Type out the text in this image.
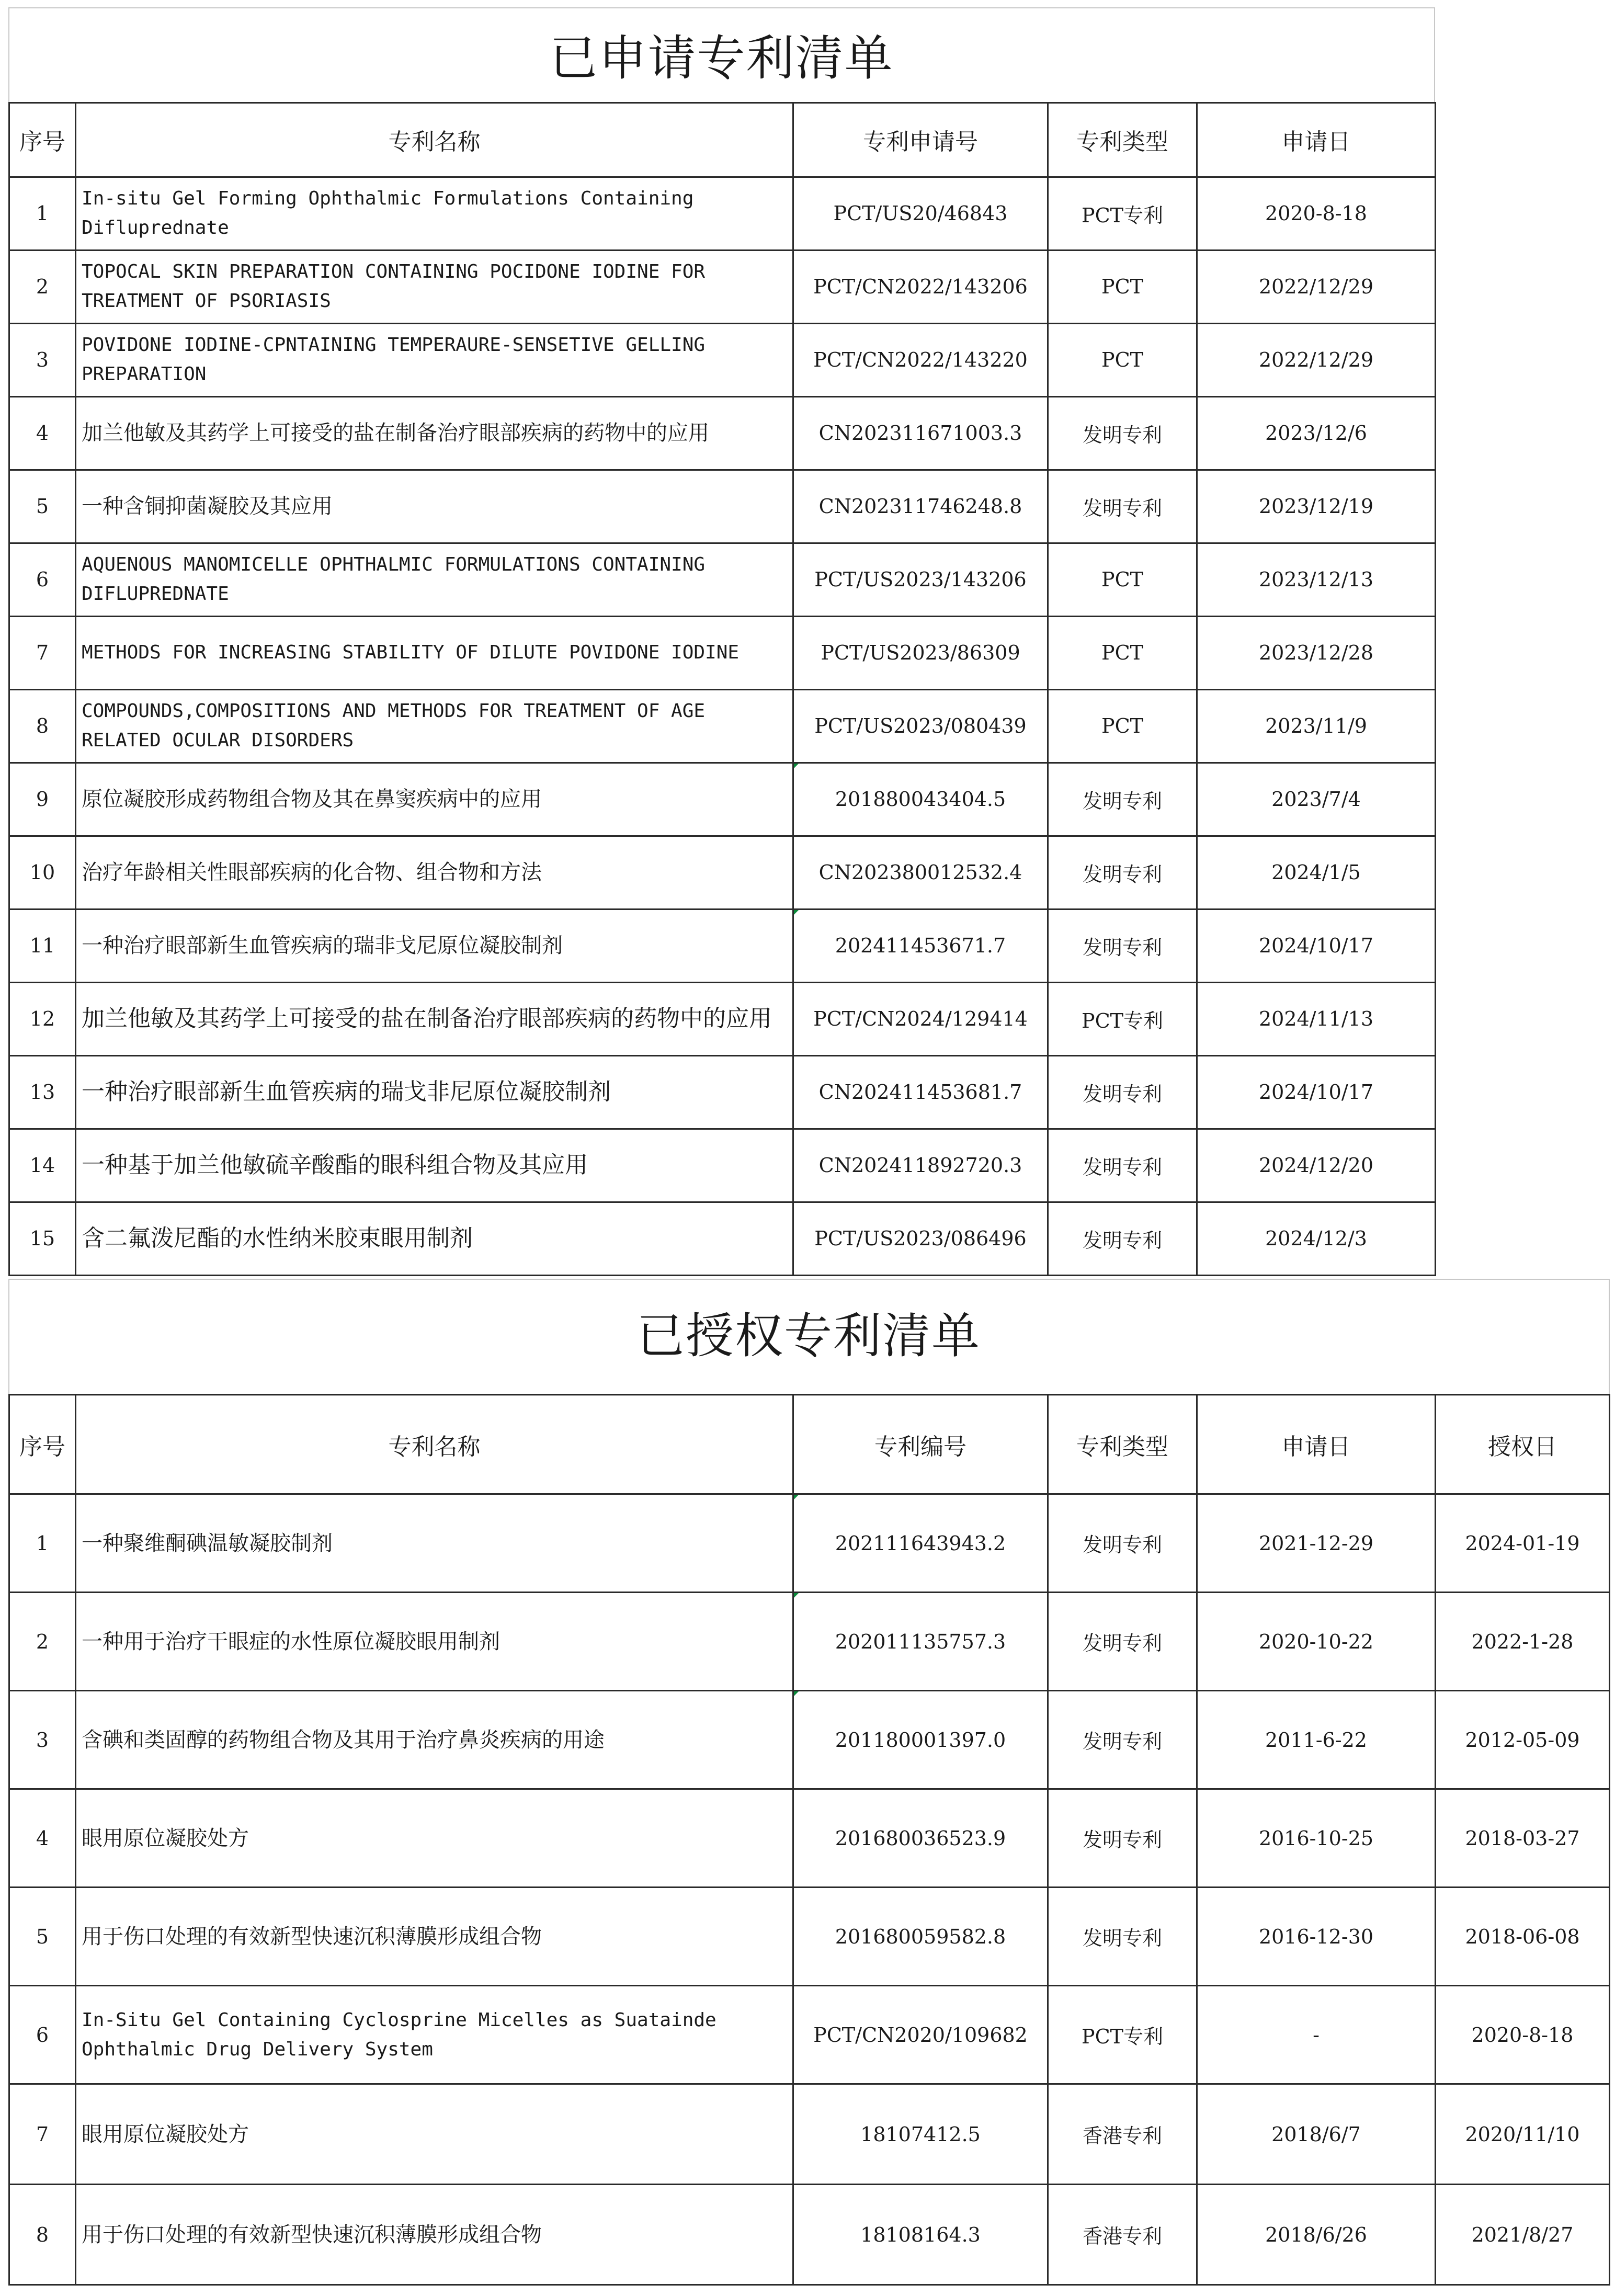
序号	专利名称	专利申请号	专利类型	申请日
1	In-situ Gel Forming Ophthalmic Formulations Containing Difluprednate	PCT/US20/46843	PCT专利	2020-8-18
2	TOPOCAL SKIN PREPARATION CONTAINING POCIDONE IODINE FOR TREATMENT OF PSORIASIS	PCT/CN2022/143206	PCT	2022/12/29
3	POVIDONE IODINE-CPNTAINING TEMPERAURE-SENSETIVE GELLING PREPARATION	PCT/CN2022/143220	PCT	2022/12/29
4	加兰他敏及其药学上可接受的盐在制备治疗眼部疾病的药物中的应用	CN202311671003.3	发明专利	2023/12/6
5	一种含铜抑菌凝胶及其应用	CN202311746248.8	发明专利	2023/12/19
6	AQUENOUS MANOMICELLE OPHTHALMIC FORMULATIONS CONTAINING DIFLUPREDNATE	PCT/US2023/143206	PCT	2023/12/13
7	METHODS FOR INCREASING STABILITY OF DILUTE POVIDONE IODINE	PCT/US2023/86309	PCT	2023/12/28
8	COMPOUNDS,COMPOSITIONS AND METHODS FOR TREATMENT OF AGE RELATED OCULAR DISORDERS	PCT/US2023/080439	PCT	2023/11/9
9	原位凝胶形成药物组合物及其在鼻窦疾病中的应用	201880043404.5	发明专利	2023/7/4
10	治疗年龄相关性眼部疾病的化合物、组合物和方法	CN202380012532.4	发明专利	2024/1/5
11	一种治疗眼部新生血管疾病的瑞非戈尼原位凝胶制剂	202411453671.7	发明专利	2024/10/17
12	加兰他敏及其药学上可接受的盐在制备治疗眼部疾病的药物中的应用	PCT/CN2024/129414	PCT专利	2024/11/13
13	一种治疗眼部新生血管疾病的瑞戈非尼原位凝胶制剂	CN202411453681.7	发明专利	2024/10/17
14	一种基于加兰他敏硫辛酸酯的眼科组合物及其应用	CN202411892720.3	发明专利	2024/12/20
15	含二氟泼尼酯的水性纳米胶束眼用制剂	PCT/US2023/086496	发明专利	2024/12/3
已申请专利清单
已授权专利清单
序号	专利名称	专利编号	专利类型	申请日	授权日
1	一种聚维酮碘温敏凝胶制剂	202111643943.2	发明专利	2021-12-29	2024-01-19
2	一种用于治疗干眼症的水性原位凝胶眼用制剂	202011135757.3	发明专利	2020-10-22	2022-1-28
3	含碘和类固醇的药物组合物及其用于治疗鼻炎疾病的用途	201180001397.0	发明专利	2011-6-22	2012-05-09
4	眼用原位凝胶处方	201680036523.9	发明专利	2016-10-25	2018-03-27
5	用于伤口处理的有效新型快速沉积薄膜形成组合物	201680059582.8	发明专利	2016-12-30	2018-06-08
6	In-Situ Gel Containing Cyclosprine Micelles as Suatainde Ophthalmic Drug Delivery System	PCT/CN2020/109682	PCT专利	-	2020-8-18
7	眼用原位凝胶处方	18107412.5	香港专利	2018/6/7	2020/11/10
8	用于伤口处理的有效新型快速沉积薄膜形成组合物	18108164.3	香港专利	2018/6/26	2021/8/27
